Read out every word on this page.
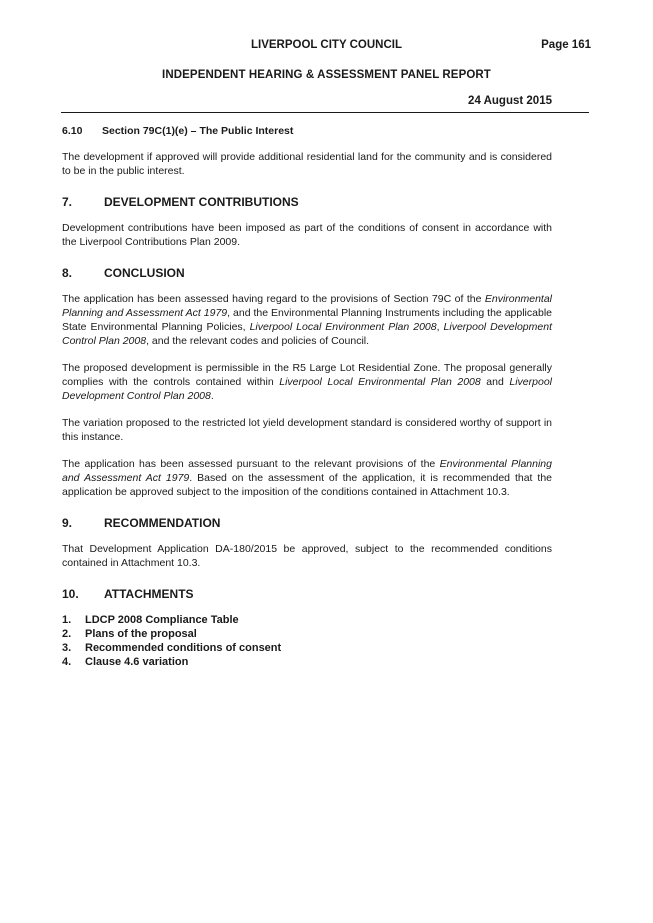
LIVERPOOL CITY COUNCIL	Page 161
INDEPENDENT HEARING & ASSESSMENT PANEL REPORT
24 August 2015
6.10 Section 79C(1)(e) – The Public Interest

The development if approved will provide additional residential land for the community and is considered to be in the public interest.

7.	DEVELOPMENT CONTRIBUTIONS

Development contributions have been imposed as part of the conditions of consent in accordance with the Liverpool Contributions Plan 2009.

8.	CONCLUSION

The application has been assessed having regard to the provisions of Section 79C of the Environmental Planning and Assessment Act 1979, and the Environmental Planning Instruments including the applicable State Environmental Planning Policies, Liverpool Local Environment Plan 2008, Liverpool Development Control Plan 2008, and the relevant codes and policies of Council.

The proposed development is permissible in the R5 Large Lot Residential Zone. The proposal generally complies with the controls contained within Liverpool Local Environmental Plan 2008 and Liverpool Development Control Plan 2008.

The variation proposed to the restricted lot yield development standard is considered worthy of support in this instance.

The application has been assessed pursuant to the relevant provisions of the Environmental Planning and Assessment Act 1979. Based on the assessment of the application, it is recommended that the application be approved subject to the imposition of the conditions contained in Attachment 10.3.

9.	RECOMMENDATION

That Development Application DA-180/2015 be approved, subject to the recommended conditions contained in Attachment 10.3.

10.	ATTACHMENTS
1.	LDCP 2008 Compliance Table
2.	Plans of the proposal
3.	Recommended conditions of consent
4.	Clause 4.6 variation
